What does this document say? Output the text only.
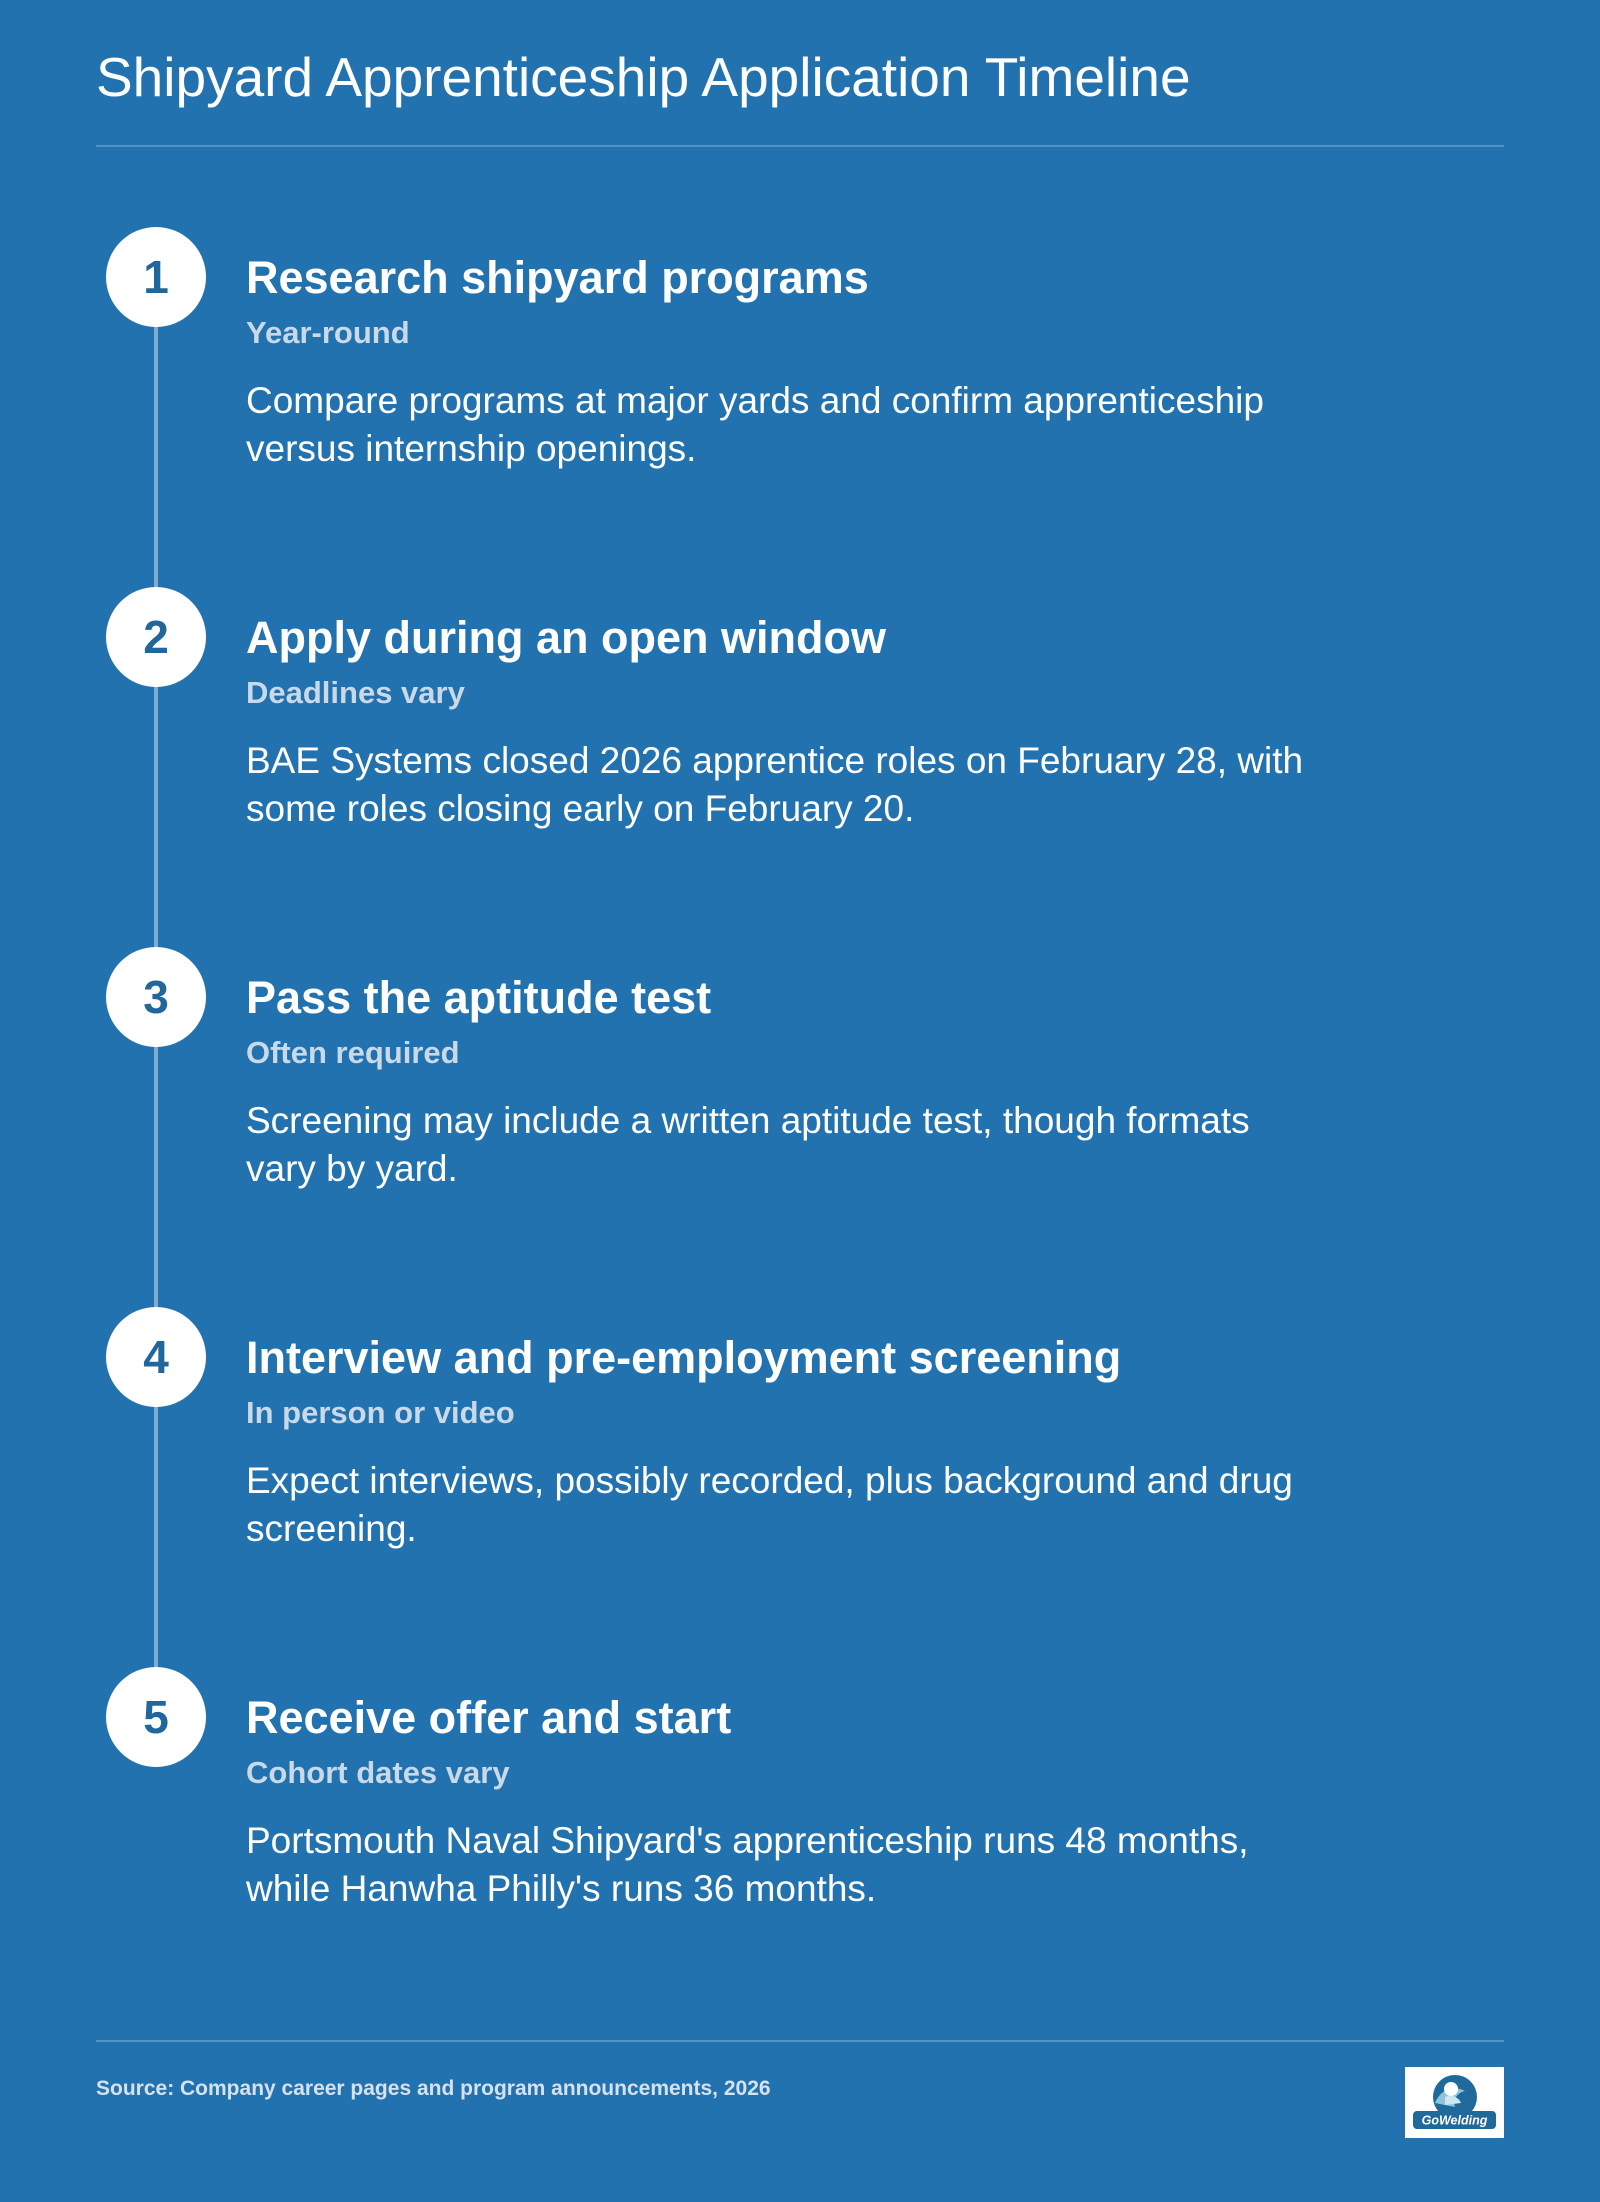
Shipyard Apprenticeship Application Timeline
1	Research shipyard programs
Year-round

Compare programs at major yards and confirm apprenticeship versus internship openings.

2	Apply during an open window
Deadlines vary

BAE Systems closed 2026 apprentice roles on February 28, with some roles closing early on February 20.

3	Pass the aptitude test
Often required

Screening may include a written aptitude test, though formats vary by yard.

4	Interview and pre-employment screening
In person or video

Expect interviews, possibly recorded, plus background and drug screening.

5	Receive offer and start
Cohort dates vary

Portsmouth Naval Shipyard's apprenticeship runs 48 months, while Hanwha Philly's runs 36 months.

Source: Company career pages and program announcements, 2026
GoWelding
